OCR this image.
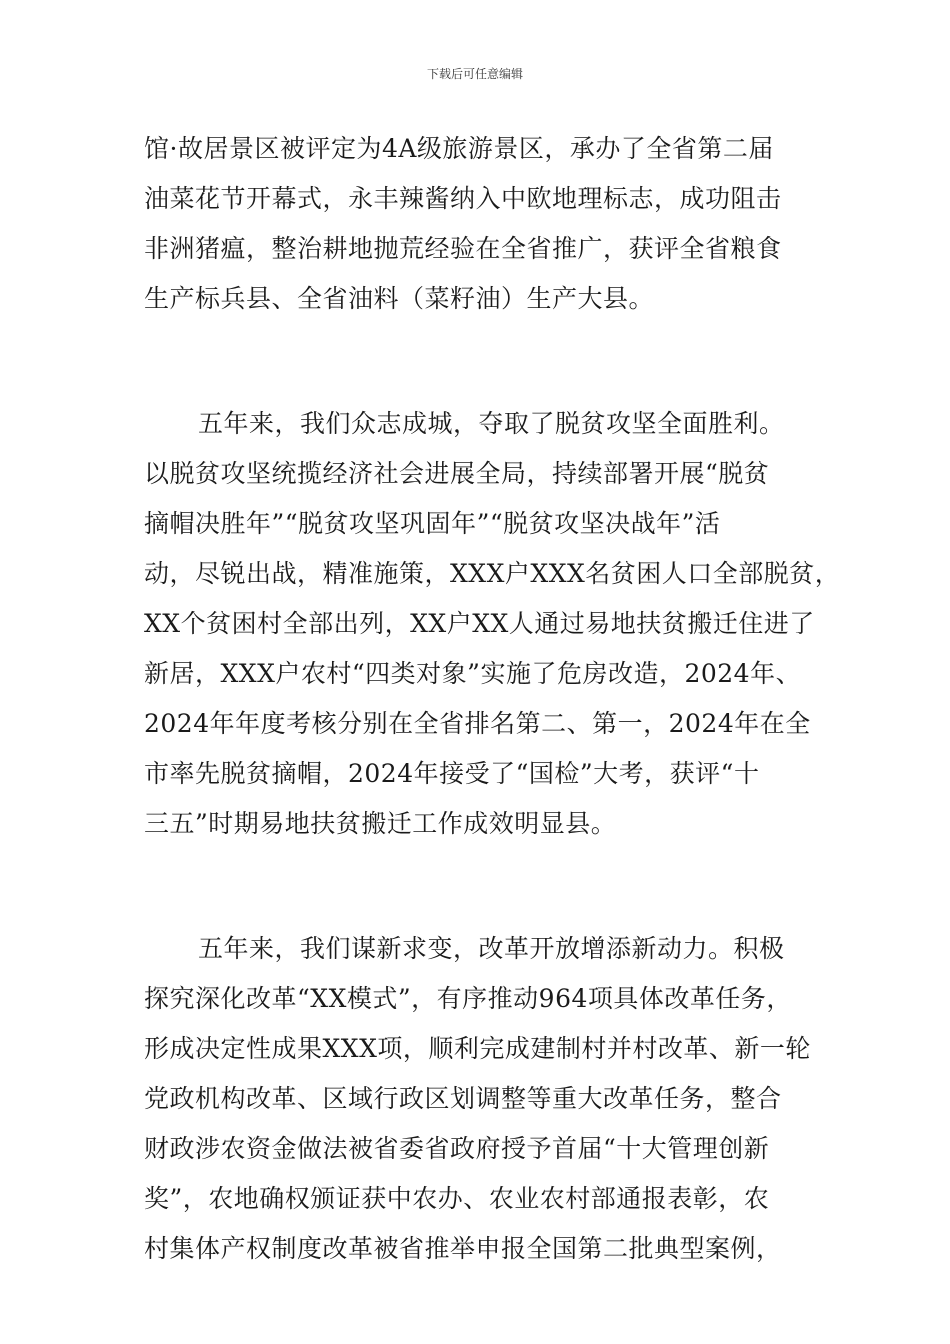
下载后可任意编辑
馆·故居景区被评定为4A级旅游景区，承办了全省第二届
油菜花节开幕式，永丰辣酱纳入中欧地理标志，成功阻击
非洲猪瘟，整治耕地抛荒经验在全省推广，获评全省粮食
生产标兵县、全省油料（菜籽油）生产大县。
五年来，我们众志成城，夺取了脱贫攻坚全面胜利。
以脱贫攻坚统揽经济社会进展全局，持续部署开展“脱贫
摘帽决胜年”“脱贫攻坚巩固年”“脱贫攻坚决战年”活
动，尽锐出战，精准施策，XXX户XXX名贫困人口全部脱贫，
XX个贫困村全部出列，XX户XX人通过易地扶贫搬迁住进了
新居，XXX户农村“四类对象”实施了危房改造，2024年、
2024年年度考核分别在全省排名第二、第一，2024年在全
市率先脱贫摘帽，2024年接受了“国检”大考，获评“十
三五”时期易地扶贫搬迁工作成效明显县。
五年来，我们谋新求变，改革开放增添新动力。积极
探究深化改革“XX模式”，有序推动964项具体改革任务，
形成决定性成果XXX项，顺利完成建制村并村改革、新一轮
党政机构改革、区域行政区划调整等重大改革任务，整合
财政涉农资金做法被省委省政府授予首届“十大管理创新
奖”，农地确权颁证获中农办、农业农村部通报表彰，农
村集体产权制度改革被省推举申报全国第二批典型案例，
